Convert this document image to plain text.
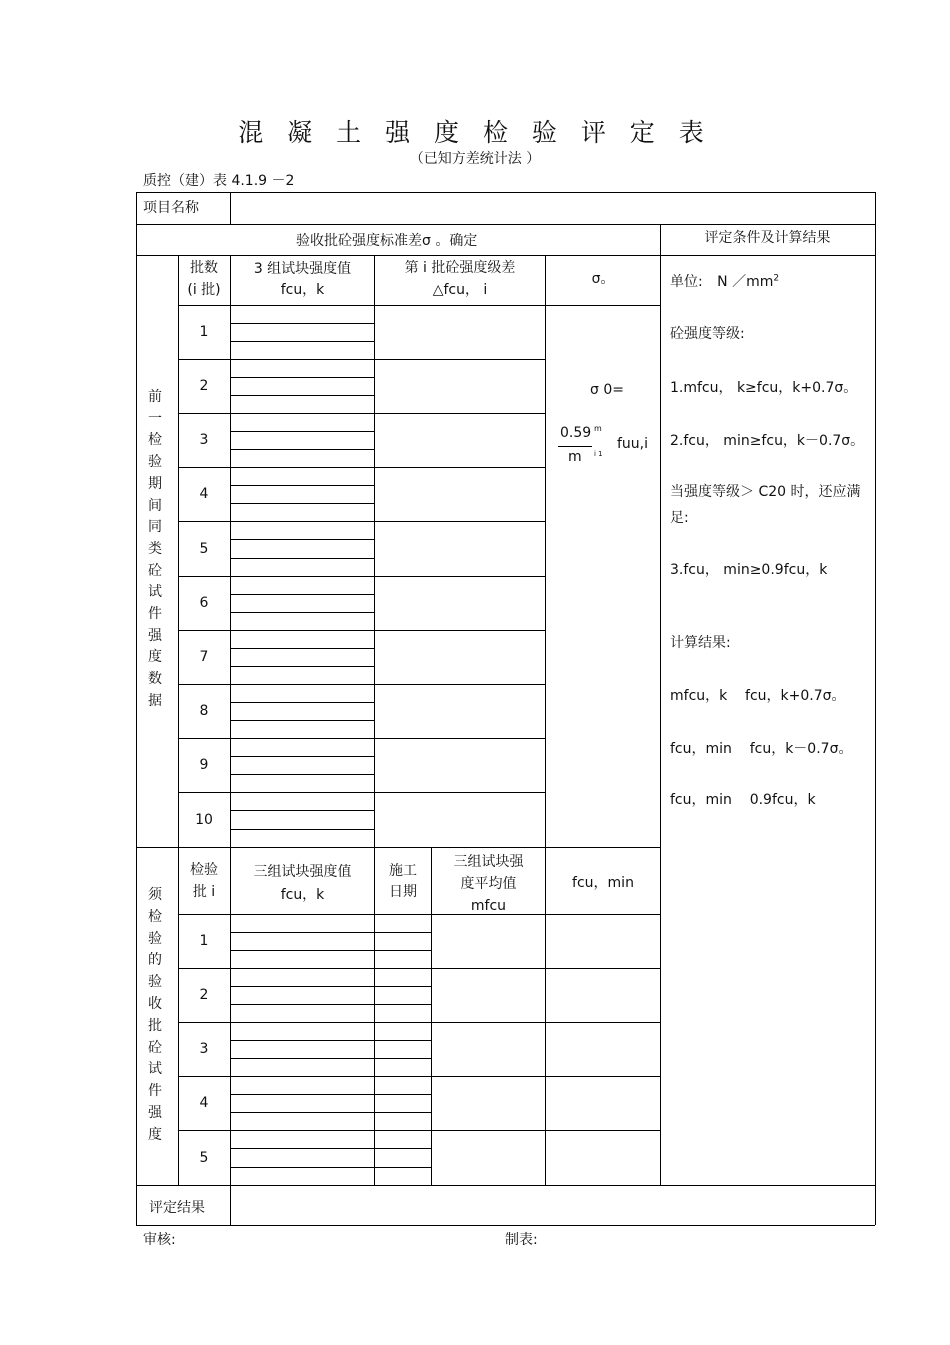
混 凝 土 强 度 检 验 评 定 表
（已知方差统计法 ）
质控（建）表 4.1.9 －2
项目名称
验收批砼强度标准差σ 。确定	评定条件及计算结果
批数
(i 批)
3 组试块强度值
fcu，k
第 i 批砼强度级差
△fcu， i
σ。
前一检验期间同类砼试件强度数据
1
2
3
4
5
6
7
8
9
10
σ 0=
0.59 m
m i 1
fuu,i
单位: N $/mm^2$
砼强度等级:
1.mfcu， k≥fcu，k+0.7σ。
2.fcu， min≥fcu，k－0.7σ。
当强度等级＞ C20 时，还应满足:
3.fcu， min≥0.9fcu，k
计算结果:
mfcu，k    fcu，k+0.7σ。
fcu，min    fcu，k－0.7σ。
fcu，min    0.9fcu，k
检验
批 i
三组试块强度值
fcu，k
施工
日期
三组试块强
度平均值
mfcu
fcu，min
须检验的验收批砼试件强度
1
2
3
4
5
评定结果
审核:	制表:
